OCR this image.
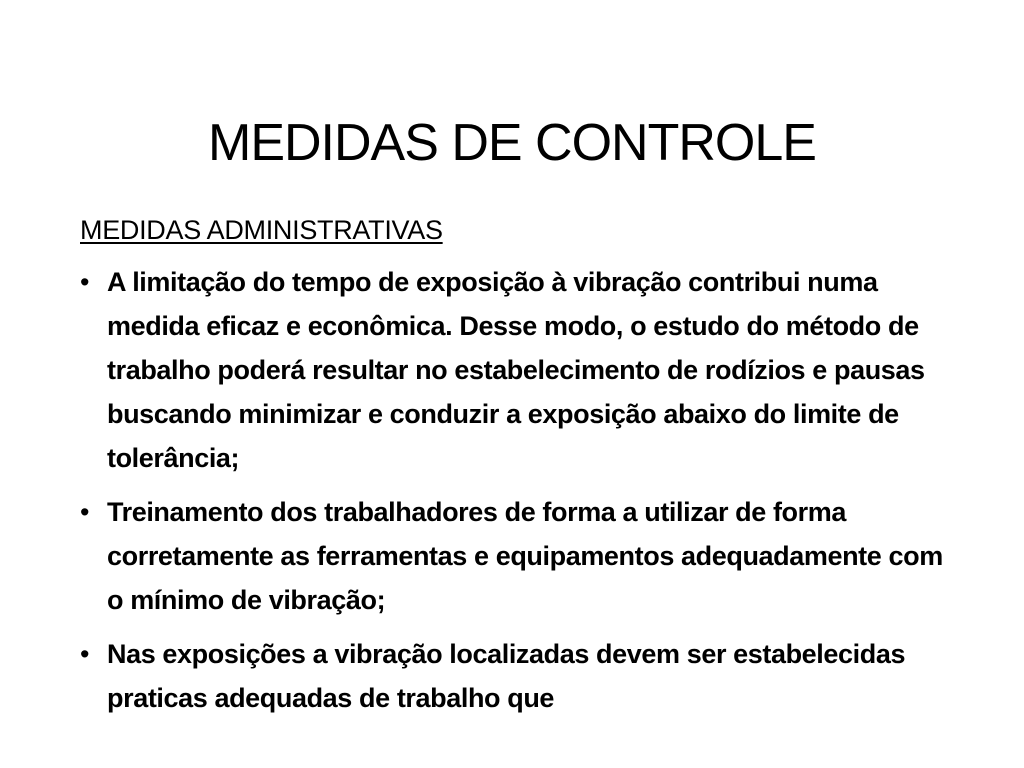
MEDIDAS DE CONTROLE
MEDIDAS ADMINISTRATIVAS
• A limitação do tempo de exposição à vibração contribui numa medida eficaz e econômica. Desse modo, o estudo do método de trabalho poderá resultar no estabelecimento de rodízios e pausas buscando minimizar e conduzir a exposição abaixo do limite de tolerância;
• Treinamento dos trabalhadores de forma a utilizar de forma corretamente as ferramentas e equipamentos adequadamente com o mínimo de vibração;
• Nas exposições a vibração localizadas devem ser estabelecidas praticas adequadas de trabalho que
